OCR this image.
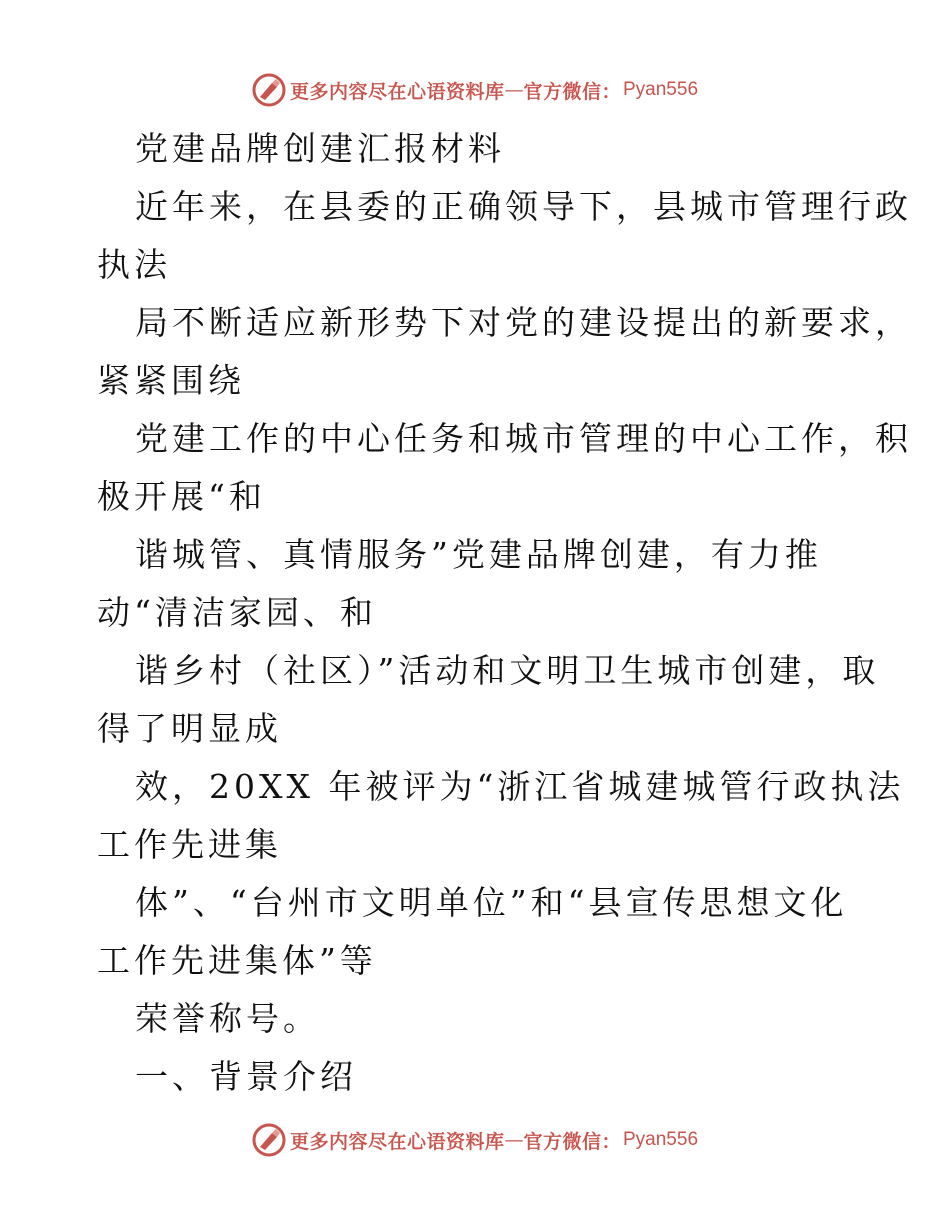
更多内容尽在心语资料库 — 官方微信： Pyan556
党建品牌创建汇报材料
近年来，在县委的正确领导下，县城市管理行政
执法
局不断适应新形势下对党的建设提出的新要求，
紧紧围绕
党建工作的中心任务和城市管理的中心工作，积
极开展“和
谐城管、真情服务”党建品牌创建，有力推
动“清洁家园、和
谐乡村（社区）”活动和文明卫生城市创建，取
得了明显成
效，20XX 年被评为“浙江省城建城管行政执法
工作先进集
体”、“台州市文明单位”和“县宣传思想文化
工作先进集体”等
荣誉称号。
一、背景介绍
更多内容尽在心语资料库 — 官方微信： Pyan556
